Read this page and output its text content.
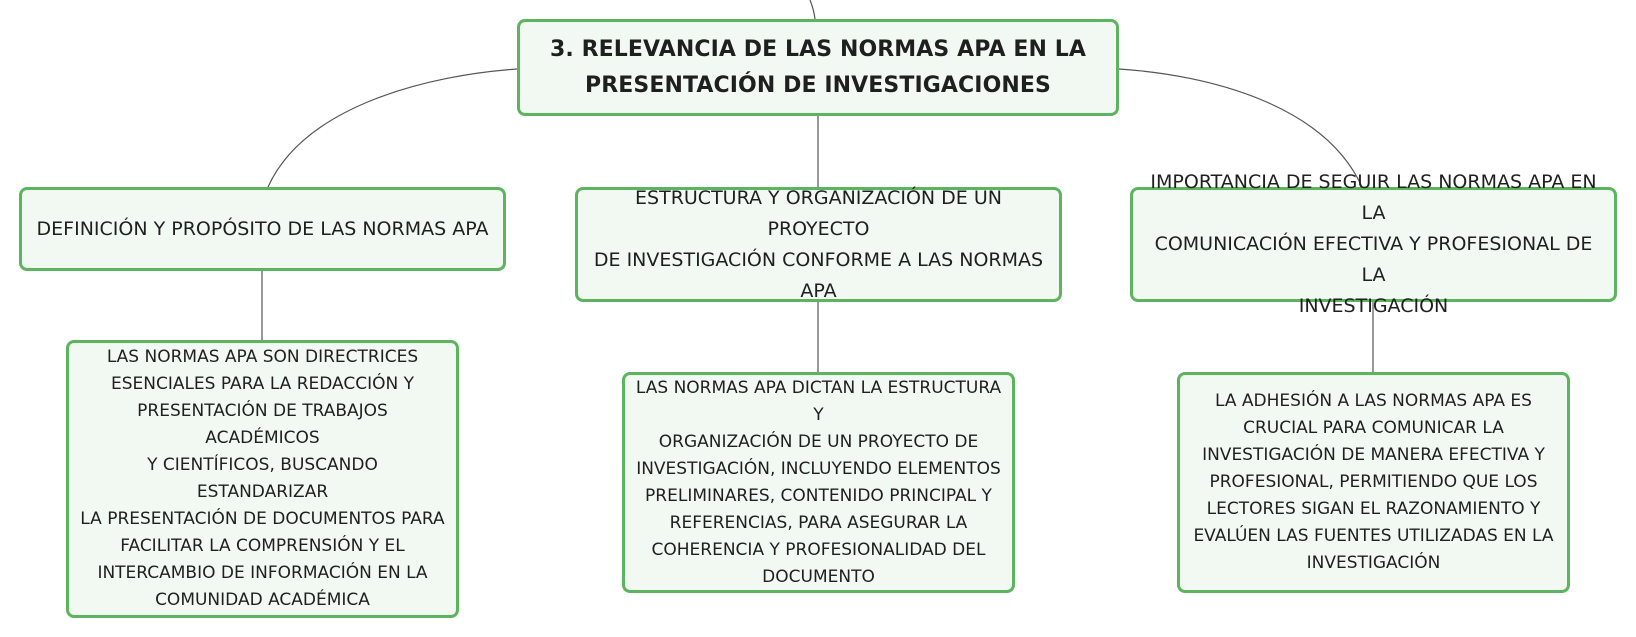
3. RELEVANCIA DE LAS NORMAS APA EN LA
PRESENTACIÓN DE INVESTIGACIONES
DEFINICIÓN Y PROPÓSITO DE LAS NORMAS APA
ESTRUCTURA Y ORGANIZACIÓN DE UN PROYECTO
DE INVESTIGACIÓN CONFORME A LAS NORMAS
APA
IMPORTANCIA DE SEGUIR LAS NORMAS APA EN LA
COMUNICACIÓN EFECTIVA Y PROFESIONAL DE LA
INVESTIGACIÓN
LAS NORMAS APA SON DIRECTRICES
ESENCIALES PARA LA REDACCIÓN Y
PRESENTACIÓN DE TRABAJOS ACADÉMICOS
Y CIENTÍFICOS, BUSCANDO ESTANDARIZAR
LA PRESENTACIÓN DE DOCUMENTOS PARA
FACILITAR LA COMPRENSIÓN Y EL
INTERCAMBIO DE INFORMACIÓN EN LA
COMUNIDAD ACADÉMICA
LAS NORMAS APA DICTAN LA ESTRUCTURA Y
ORGANIZACIÓN DE UN PROYECTO DE
INVESTIGACIÓN, INCLUYENDO ELEMENTOS
PRELIMINARES, CONTENIDO PRINCIPAL Y
REFERENCIAS, PARA ASEGURAR LA
COHERENCIA Y PROFESIONALIDAD DEL
DOCUMENTO
LA ADHESIÓN A LAS NORMAS APA ES
CRUCIAL PARA COMUNICAR LA
INVESTIGACIÓN DE MANERA EFECTIVA Y
PROFESIONAL, PERMITIENDO QUE LOS
LECTORES SIGAN EL RAZONAMIENTO Y
EVALÚEN LAS FUENTES UTILIZADAS EN LA
INVESTIGACIÓN
